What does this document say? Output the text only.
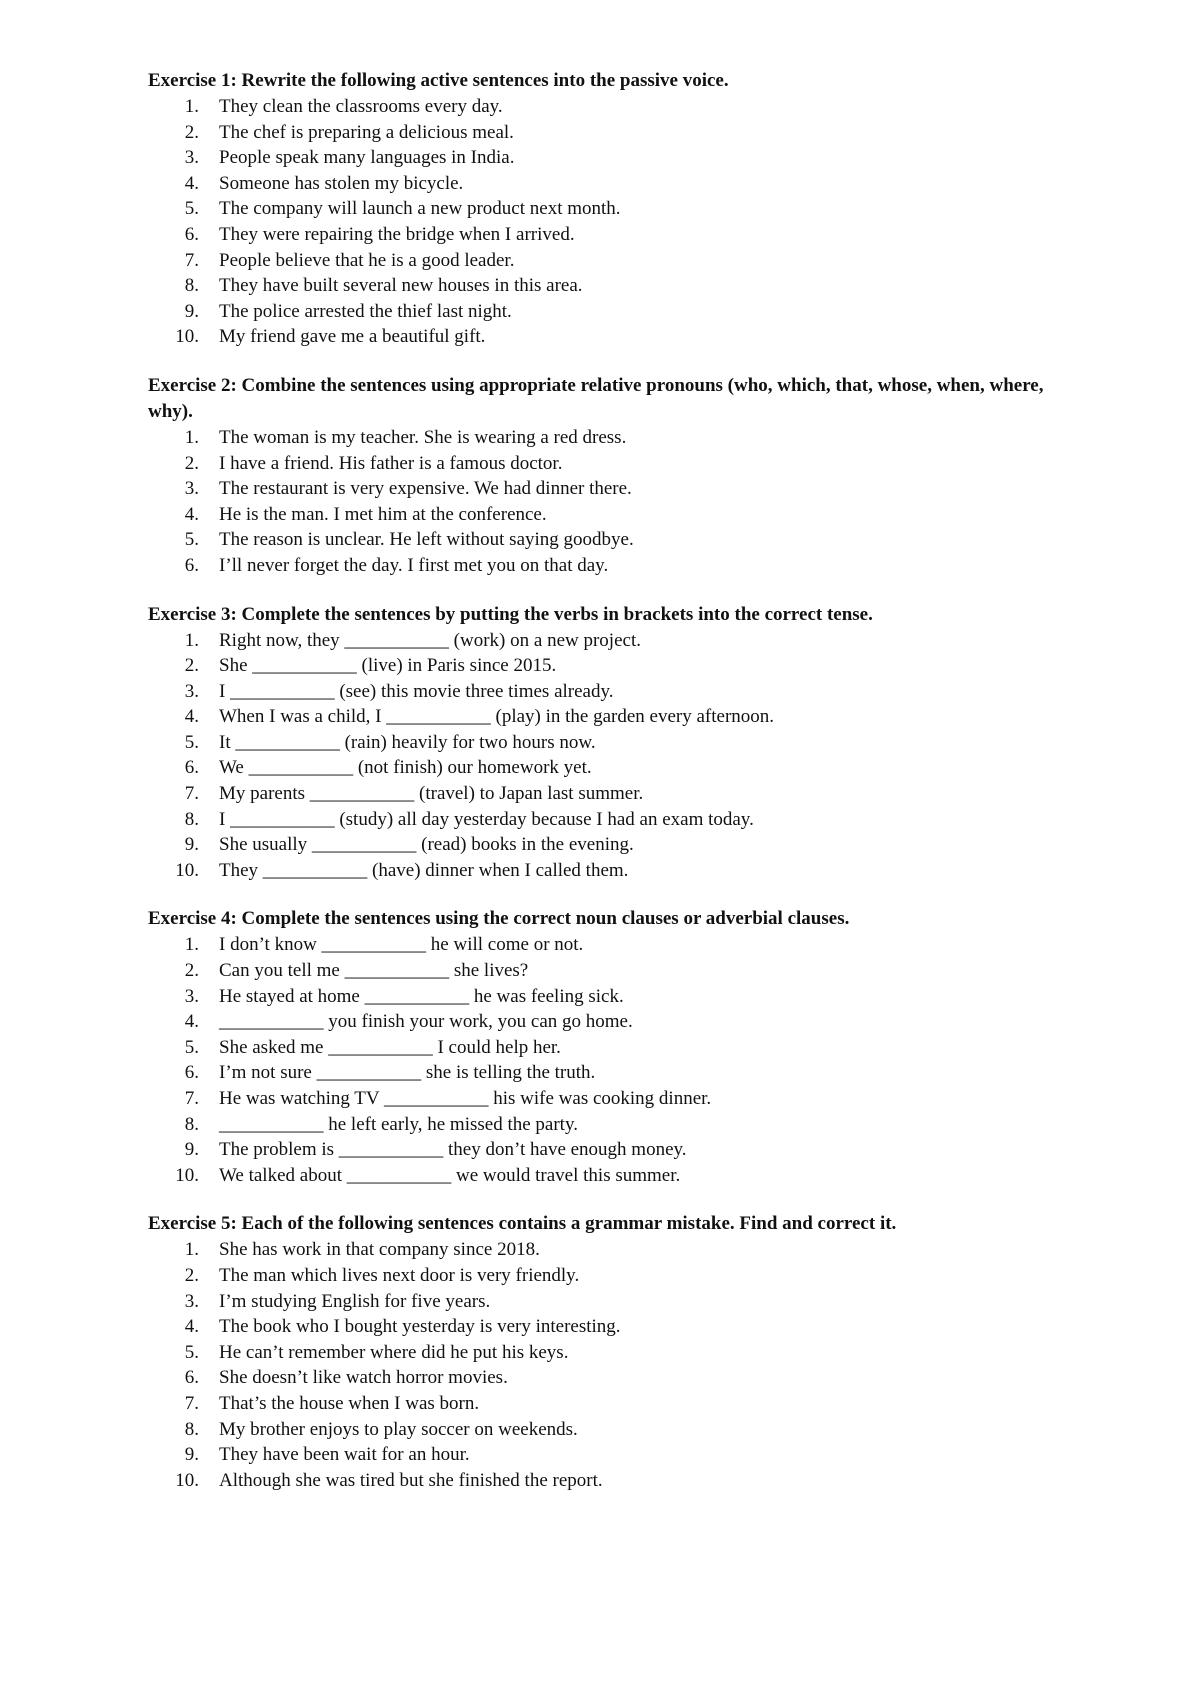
Exercise 1: Rewrite the following active sentences into the passive voice.

1. They clean the classrooms every day.
2. The chef is preparing a delicious meal.
3. People speak many languages in India.
4. Someone has stolen my bicycle.
5. The company will launch a new product next month.
6. They were repairing the bridge when I arrived.
7. People believe that he is a good leader.
8. They have built several new houses in this area.
9. The police arrested the thief last night.
10. My friend gave me a beautiful gift.

Exercise 2: Combine the sentences using appropriate relative pronouns (who, which, that, whose, when, where, why).

1. The woman is my teacher. She is wearing a red dress.
2. I have a friend. His father is a famous doctor.
3. The restaurant is very expensive. We had dinner there.
4. He is the man. I met him at the conference.
5. The reason is unclear. He left without saying goodbye.
6. I’ll never forget the day. I first met you on that day.

Exercise 3: Complete the sentences by putting the verbs in brackets into the correct tense.

1. Right now, they ___________ (work) on a new project.
2. She ___________ (live) in Paris since 2015.
3. I ___________ (see) this movie three times already.
4. When I was a child, I ___________ (play) in the garden every afternoon.
5. It ___________ (rain) heavily for two hours now.
6. We ___________ (not finish) our homework yet.
7. My parents ___________ (travel) to Japan last summer.
8. I ___________ (study) all day yesterday because I had an exam today.
9. She usually ___________ (read) books in the evening.
10. They ___________ (have) dinner when I called them.

Exercise 4: Complete the sentences using the correct noun clauses or adverbial clauses.

1. I don’t know ___________ he will come or not.
2. Can you tell me ___________ she lives?
3. He stayed at home ___________ he was feeling sick.
4. ___________ you finish your work, you can go home.
5. She asked me ___________ I could help her.
6. I’m not sure ___________ she is telling the truth.
7. He was watching TV ___________ his wife was cooking dinner.
8. ___________ he left early, he missed the party.
9. The problem is ___________ they don’t have enough money.
10. We talked about ___________ we would travel this summer.

Exercise 5: Each of the following sentences contains a grammar mistake. Find and correct it.

1. She has work in that company since 2018.
2. The man which lives next door is very friendly.
3. I’m studying English for five years.
4. The book who I bought yesterday is very interesting.
5. He can’t remember where did he put his keys.
6. She doesn’t like watch horror movies.
7. That’s the house when I was born.
8. My brother enjoys to play soccer on weekends.
9. They have been wait for an hour.
10. Although she was tired but she finished the report.
